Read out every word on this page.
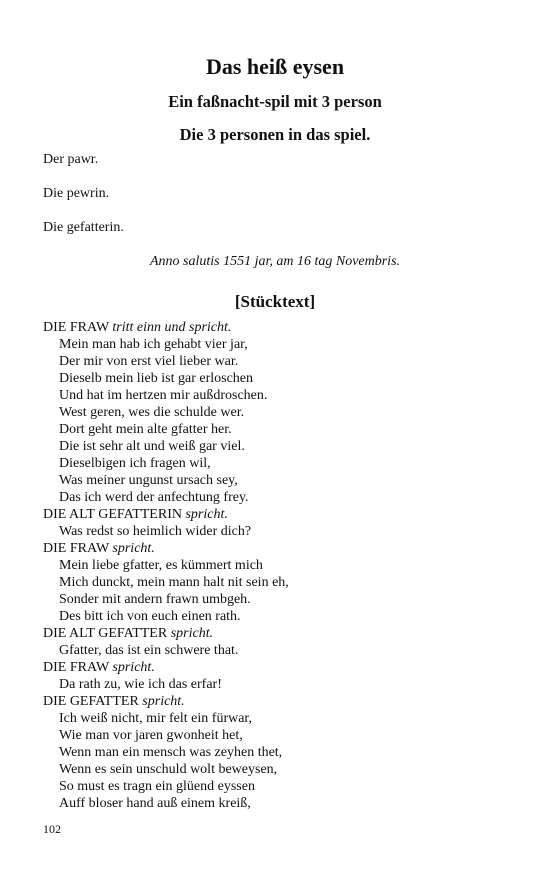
Das heiß eysen
Ein faßnacht-spil mit 3 person
Die 3 personen in das spiel.
Der pawr.
Die pewrin.
Die gefatterin.
Anno salutis 1551 jar, am 16 tag Novembris.
[Stücktext]
DIE FRAW tritt einn und spricht.
Mein man hab ich gehabt vier jar,
Der mir von erst viel lieber war.
Dieselb mein lieb ist gar erloschen
Und hat im hertzen mir außdroschen.
West geren, wes die schulde wer.
Dort geht mein alte gfatter her.
Die ist sehr alt und weiß gar viel.
Dieselbigen ich fragen wil,
Was meiner ungunst ursach sey,
Das ich werd der anfechtung frey.
DIE ALT GEFATTERIN spricht.
Was redst so heimlich wider dich?
DIE FRAW spricht.
Mein liebe gfatter, es kümmert mich
Mich dunckt, mein mann halt nit sein eh,
Sonder mit andern frawn umbgeh.
Des bitt ich von euch einen rath.
DIE ALT GEFATTER spricht.
Gfatter, das ist ein schwere that.
DIE FRAW spricht.
Da rath zu, wie ich das erfar!
DIE GEFATTER spricht.
Ich weiß nicht, mir felt ein fürwar,
Wie man vor jaren gwonheit het,
Wenn man ein mensch was zeyhen thet,
Wenn es sein unschuld wolt beweysen,
So must es tragn ein glüend eyssen
Auff bloser hand auß einem kreiß,
102
